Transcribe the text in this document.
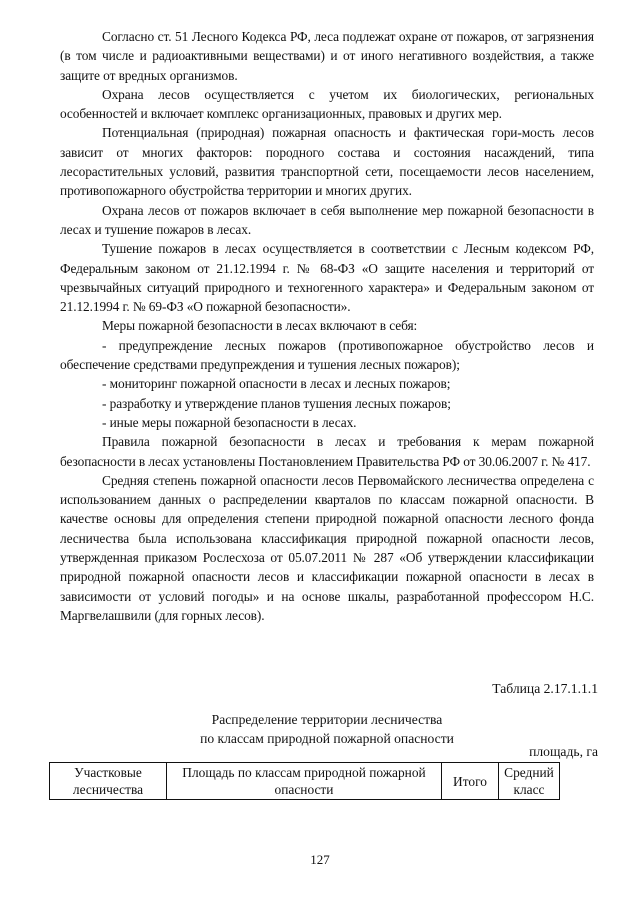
Согласно ст. 51 Лесного Кодекса РФ, леса подлежат охране от пожаров, от загрязнения (в том числе и радиоактивными веществами) и от иного негативного воздействия, а также защите от вредных организмов.

Охрана лесов осуществляется с учетом их биологических, региональных особенностей и включает комплекс организационных, правовых и других мер.

Потенциальная (природная) пожарная опасность и фактическая гори-мость лесов зависит от многих факторов: породного состава и состояния насаждений, типа лесорастительных условий, развития транспортной сети, посещаемости лесов населением, противопожарного обустройства территории и многих других.

Охрана лесов от пожаров включает в себя выполнение мер пожарной безопасности в лесах и тушение пожаров в лесах.

Тушение пожаров в лесах осуществляется в соответствии с Лесным кодексом РФ, Федеральным законом от 21.12.1994 г. № 68-ФЗ «О защите населения и территорий от чрезвычайных ситуаций природного и техногенного характера» и Федеральным законом от 21.12.1994 г. № 69-ФЗ «О пожарной безопасности».

Меры пожарной безопасности в лесах включают в себя:

- предупреждение лесных пожаров (противопожарное обустройство лесов и обеспечение средствами предупреждения и тушения лесных пожаров);

- мониторинг пожарной опасности в лесах и лесных пожаров;

- разработку и утверждение планов тушения лесных пожаров;

- иные меры пожарной безопасности в лесах.

Правила пожарной безопасности в лесах и требования к мерам пожарной безопасности в лесах установлены Постановлением Правительства РФ от 30.06.2007 г. № 417.

Средняя степень пожарной опасности лесов Первомайского лесничества определена с использованием данных о распределении кварталов по классам пожарной опасности. В качестве основы для определения степени природной пожарной опасности лесного фонда лесничества была использована классификация природной пожарной опасности лесов, утвержденная приказом Рослесхоза от 05.07.2011 № 287 «Об утверждении классификации природной пожарной опасности лесов и классификации пожарной опасности в лесах в зависимости от условий погоды» и на основе шкалы, разработанной профессором Н.С. Маргвелашвили (для горных лесов).

Таблица 2.17.1.1.1
Распределение территории лесничества
по классам природной пожарной опасности
площадь, га
Участковые лесничества	Площадь по классам природной пожарной опасности	Итого	Средний класс
127
